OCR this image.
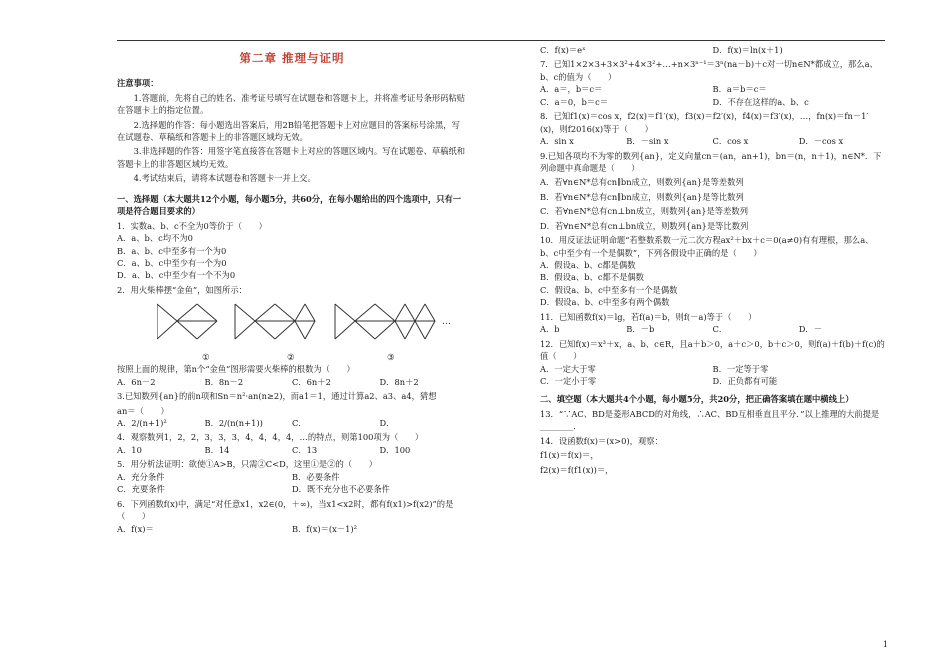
第二章 推理与证明
注意事项：

1.答题前，先将自己的姓名、准考证号填写在试题卷和答题卡上，并将准考证号条形码粘贴在答题卡上的指定位置。

2.选择题的作答：每小题选出答案后，用2B铅笔把答题卡上对应题目的答案标号涂黑，写在试题卷、草稿纸和答题卡上的非答题区域均无效。

3.非选择题的作答：用签字笔直接答在答题卡上对应的答题区域内。写在试题卷、草稿纸和答题卡上的非答题区域均无效。

4.考试结束后，请将本试题卷和答题卡一并上交。

一、选择题（本大题共12个小题，每小题5分，共60分，在每小题给出的四个选项中，只有一项是符合题目要求的）

1．实数a、b、c不全为0等价于（　　）

A．a、b、c均不为0
B．a、b、c中至多有一个为0
C．a、b、c中至少有一个为0
D．a、b、c中至少有一个不为0

2．用火柴棒摆“金鱼”，如图所示：

…
①	②	③

按照上面的规律，第n个“金鱼”图形需要火柴棒的根数为（　　）

A．6n－2	B．8n－2	C．6n＋2	D．8n＋2

3.已知数列{an}的前n项和Sn＝n²·an(n≥2)，而a1＝1，通过计算a2、a3、a4，猜想

an＝（　　）

A．2/(n+1)²	B．2/(n(n+1))	C．	D．

4．观察数列1，2，2，3，3，3，4，4，4，4，…的特点，则第100项为（　　）

A．10	B．14	C．13	D．100

5．用分析法证明：欲使①A>B，只需②C<D，这里①是②的（　　）

A．充分条件	B．必要条件
C．充要条件	D．既不充分也不必要条件

6．下列函数f(x)中，满足“对任意x1，x2∈(0，＋∞)，当x1<x2时，都有f(x1)>f(x2)”的是（　　）

A．f(x)＝	B．f(x)＝(x－1)²
C．f(x)＝eˣ	D．f(x)＝ln(x＋1)

7．已知1×2×3+3×3²+4×3²+…+n×3ⁿ⁻¹＝3ⁿ(na－b)＋c对一切n∈N*都成立，那么a、b、c的值为（　　）

A．a＝，b＝c＝	B．a＝b＝c＝
C．a＝0，b＝c＝	D．不存在这样的a、b、c

8．已知f1(x)＝cos x，f2(x)＝f1′(x)，f3(x)＝f2′(x)，f4(x)＝f3′(x)，…，fn(x)＝fn－1′(x)，则f2016(x)等于（　　）

A．sin x	B．－sin x	C．cos x	D．－cos x

9.已知各项均不为零的数列{an}，定义向量cn＝(an，an+1)，bn＝(n，n＋1)，n∈N*．下列命题中真命题是（　　）

A．若∀n∈N*总有cn∥bn成立，则数列{an}是等差数列
B．若∀n∈N*总有cn∥bn成立，则数列{an}是等比数列
C．若∀n∈N*总有cn⊥bn成立，则数列{an}是等差数列
D．若∀n∈N*总有cn⊥bn成立，则数列{an}是等比数列

10．用反证法证明命题“若整数系数一元二次方程ax²＋bx＋c＝0(a≠0)有有理根，那么a、b、c中至少有一个是偶数”，下列各假设中正确的是（　　）

A．假设a、b、c都是偶数
B．假设a、b、c都不是偶数
C．假设a、b、c中至多有一个是偶数
D．假设a、b、c中至多有两个偶数

11．已知函数f(x)＝lg，若f(a)＝b，则f(－a)等于（　　）

A．b	B．－b	C．	D．－

12．已知f(x)＝x³＋x，a、b、c∈R，且a＋b＞0，a＋c＞0，b＋c＞0，则f(a)＋f(b)＋f(c)的值（　　）

A．一定大于零	B．一定等于零
C．一定小于零	D．正负都有可能
二、填空题（本大题共4个小题，每小题5分，共20分，把正确答案填在题中横线上）

13．“∵AC、BD是菱形ABCD的对角线，∴AC、BD互相垂直且平分．”以上推理的大前提是________．

14．设函数f(x)＝(x>0)，观察：

f1(x)＝f(x)＝，

f2(x)＝f(f1(x))＝，

1
